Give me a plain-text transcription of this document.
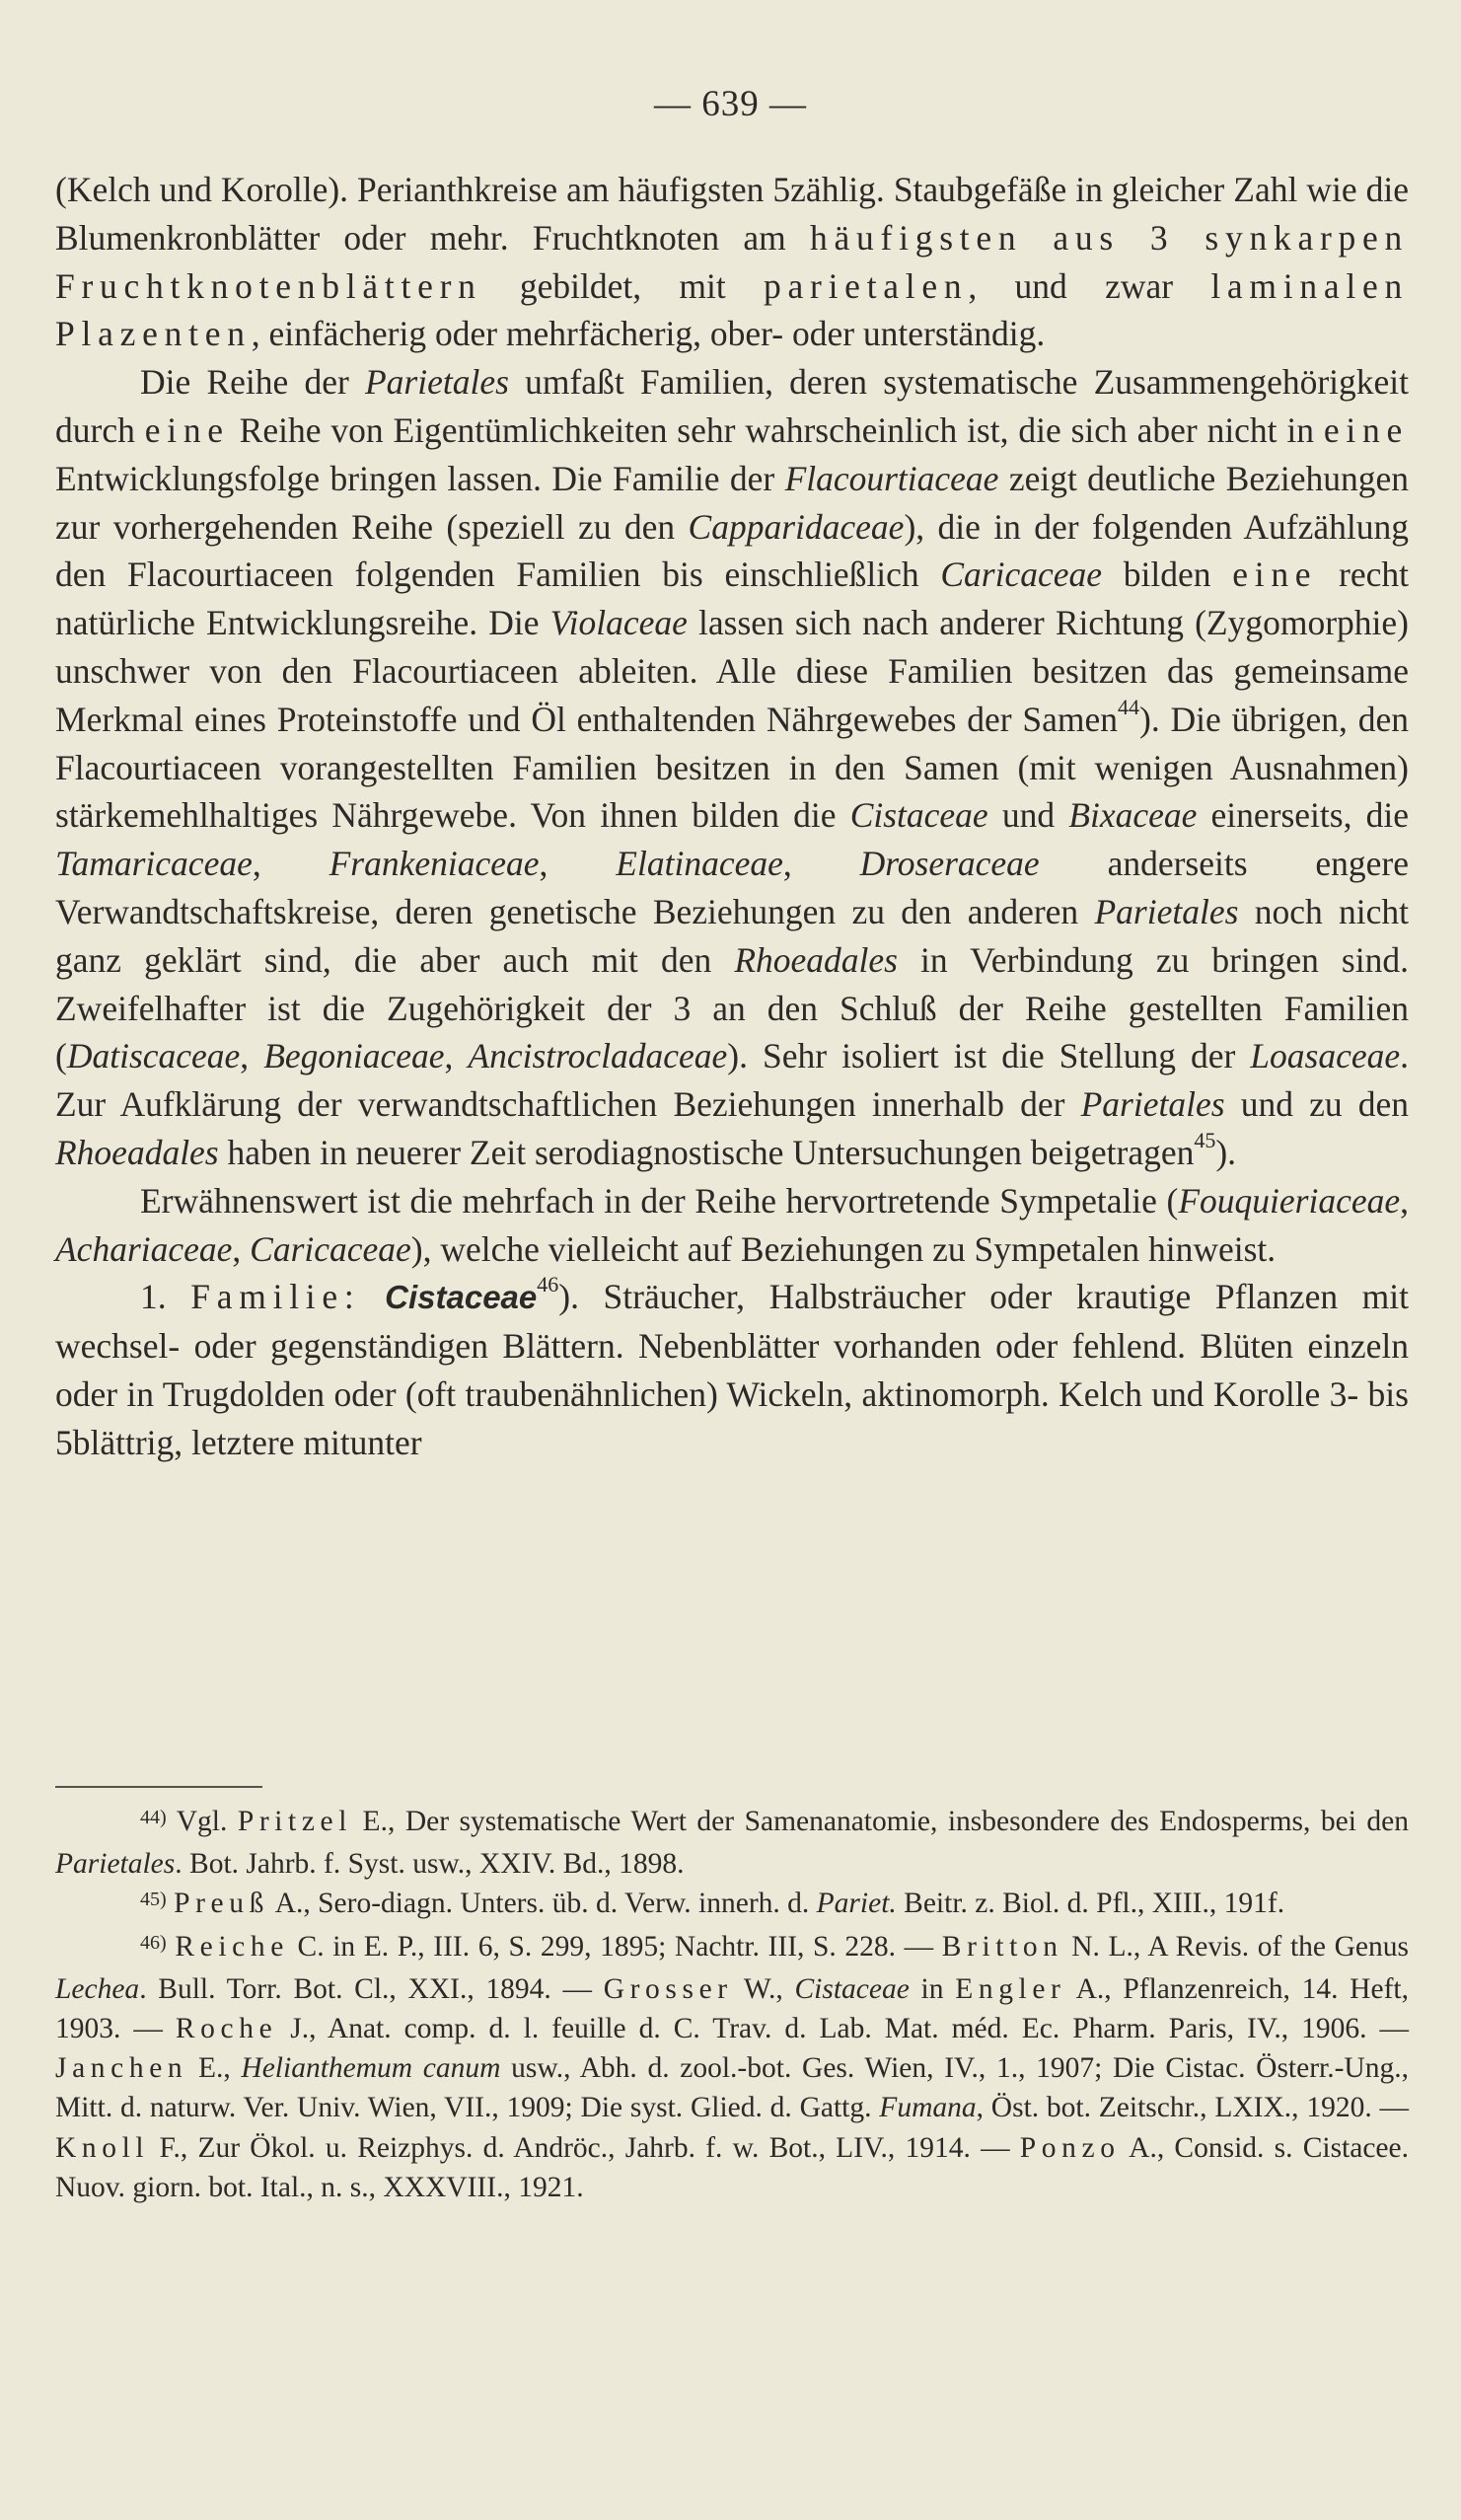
— 639 —

(Kelch und Korolle). Perianthkreise am häufigsten 5zählig. Staubgefäße in gleicher Zahl wie die Blumenkronblätter oder mehr. Fruchtknoten am häufigsten aus 3 synkarpen Fruchtknotenblättern gebildet, mit parietalen, und zwar laminalen Plazenten, einfächerig oder mehrfächerig, ober- oder unterständig.

Die Reihe der Parietales umfaßt Familien, deren systematische Zusammengehörigkeit durch eine Reihe von Eigentümlichkeiten sehr wahrscheinlich ist, die sich aber nicht in eine Entwicklungsfolge bringen lassen. Die Familie der Flacourtiaceae zeigt deutliche Beziehungen zur vorhergehenden Reihe (speziell zu den Capparidaceae), die in der folgenden Aufzählung den Flacourtiaceen folgenden Familien bis einschließlich Caricaceae bilden eine recht natürliche Entwicklungsreihe. Die Violaceae lassen sich nach anderer Richtung (Zygomorphie) unschwer von den Flacourtiaceen ableiten. Alle diese Familien besitzen das gemeinsame Merkmal eines Proteinstoffe und Öl enthaltenden Nährgewebes der Samen$^{44}$). Die übrigen, den Flacourtiaceen vorangestellten Familien besitzen in den Samen (mit wenigen Ausnahmen) stärkemehlhaltiges Nährgewebe. Von ihnen bilden die Cistaceae und Bixaceae einerseits, die Tamaricaceae, Frankeniaceae, Elatinaceae, Droseraceae anderseits engere Verwandtschaftskreise, deren genetische Beziehungen zu den anderen Parietales noch nicht ganz geklärt sind, die aber auch mit den Rhoeadales in Verbindung zu bringen sind. Zweifelhafter ist die Zugehörigkeit der 3 an den Schluß der Reihe gestellten Familien (Datiscaceae, Begoniaceae, Ancistrocladaceae). Sehr isoliert ist die Stellung der Loasaceae. Zur Aufklärung der verwandtschaftlichen Beziehungen innerhalb der Parietales und zu den Rhoeadales haben in neuerer Zeit serodiagnostische Untersuchungen beigetragen$^{45}$).

Erwähnenswert ist die mehrfach in der Reihe hervortretende Sympetalie (Fouquieriaceae, Achariaceae, Caricaceae), welche vielleicht auf Beziehungen zu Sympetalen hinweist.

1. Familie: Cistaceae$^{46}$). Sträucher, Halbsträucher oder krautige Pflanzen mit wechsel- oder gegenständigen Blättern. Nebenblätter vorhanden oder fehlend. Blüten einzeln oder in Trugdolden oder (oft traubenähnlichen) Wickeln, aktinomorph. Kelch und Korolle 3- bis 5blättrig, letztere mitunter

$^{44)}$ Vgl. Pritzel E., Der systematische Wert der Samenanatomie, insbesondere des Endosperms, bei den Parietales. Bot. Jahrb. f. Syst. usw., XXIV. Bd., 1898.

$^{45)}$ Preuß A., Sero-diagn. Unters. üb. d. Verw. innerh. d. Pariet. Beitr. z. Biol. d. Pfl., XIII., 191f.

$^{46)}$ Reiche C. in E. P., III. 6, S. 299, 1895; Nachtr. III, S. 228. — Britton N. L., A Revis. of the Genus Lechea. Bull. Torr. Bot. Cl., XXI., 1894. — Grosser W., Cistaceae in Engler A., Pflanzenreich, 14. Heft, 1903. — Roche J., Anat. comp. d. l. feuille d. C. Trav. d. Lab. Mat. méd. Ec. Pharm. Paris, IV., 1906. — Janchen E., Helianthemum canum usw., Abh. d. zool.-bot. Ges. Wien, IV., 1., 1907; Die Cistac. Österr.-Ung., Mitt. d. naturw. Ver. Univ. Wien, VII., 1909; Die syst. Glied. d. Gattg. Fumana, Öst. bot. Zeitschr., LXIX., 1920. — Knoll F., Zur Ökol. u. Reizphys. d. Andröc., Jahrb. f. w. Bot., LIV., 1914. — Ponzo A., Consid. s. Cistacee. Nuov. giorn. bot. Ital., n. s., XXXVIII., 1921.
